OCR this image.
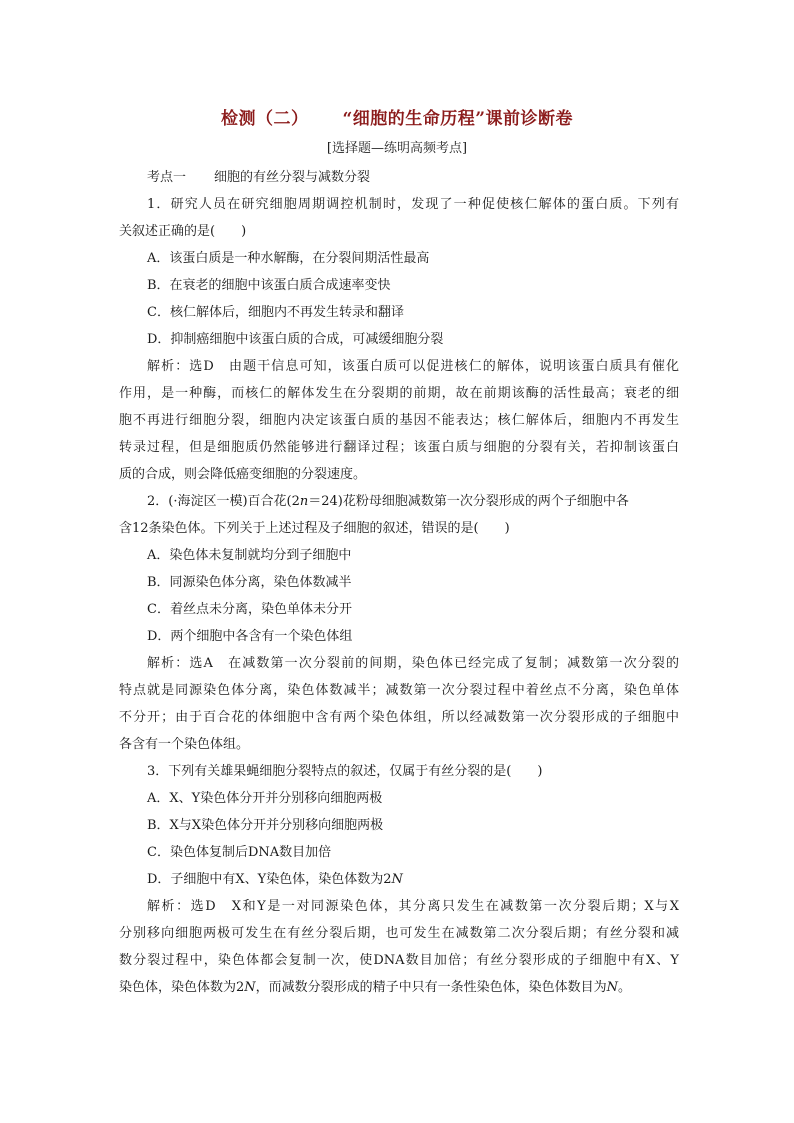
检测（二） “细胞的生命历程”课前诊断卷
[选择题—练明高频考点]
考点一 细胞的有丝分裂与减数分裂
1．研究人员在研究细胞周期调控机制时，发现了一种促使核仁解体的蛋白质。下列有
关叙述正确的是(　　)
A．该蛋白质是一种水解酶，在分裂间期活性最高
B．在衰老的细胞中该蛋白质合成速率变快
C．核仁解体后，细胞内不再发生转录和翻译
D．抑制癌细胞中该蛋白质的合成，可减缓细胞分裂
解析：选D　由题干信息可知，该蛋白质可以促进核仁的解体，说明该蛋白质具有催化
作用，是一种酶，而核仁的解体发生在分裂期的前期，故在前期该酶的活性最高；衰老的细
胞不再进行细胞分裂，细胞内决定该蛋白质的基因不能表达；核仁解体后，细胞内不再发生
转录过程，但是细胞质仍然能够进行翻译过程；该蛋白质与细胞的分裂有关，若抑制该蛋白
质的合成，则会降低癌变细胞的分裂速度。
2．(·海淀区一模)百合花(2n＝24)花粉母细胞减数第一次分裂形成的两个子细胞中各
含12条染色体。下列关于上述过程及子细胞的叙述，错误的是(　　)
A．染色体未复制就均分到子细胞中
B．同源染色体分离，染色体数减半
C．着丝点未分离，染色单体未分开
D．两个细胞中各含有一个染色体组
解析：选A　在减数第一次分裂前的间期，染色体已经完成了复制；减数第一次分裂的
特点就是同源染色体分离，染色体数减半；减数第一次分裂过程中着丝点不分离，染色单体
不分开；由于百合花的体细胞中含有两个染色体组，所以经减数第一次分裂形成的子细胞中
各含有一个染色体组。
3．下列有关雄果蝇细胞分裂特点的叙述，仅属于有丝分裂的是(　　)
A．X、Y染色体分开并分别移向细胞两极
B．X与X染色体分开并分别移向细胞两极
C．染色体复制后DNA数目加倍
D．子细胞中有X、Y染色体，染色体数为2N
解析：选D　X和Y是一对同源染色体，其分离只发生在减数第一次分裂后期；X与X
分别移向细胞两极可发生在有丝分裂后期，也可发生在减数第二次分裂后期；有丝分裂和减
数分裂过程中，染色体都会复制一次，使DNA数目加倍；有丝分裂形成的子细胞中有X、Y
染色体，染色体数为2N，而减数分裂形成的精子中只有一条性染色体，染色体数目为N。
